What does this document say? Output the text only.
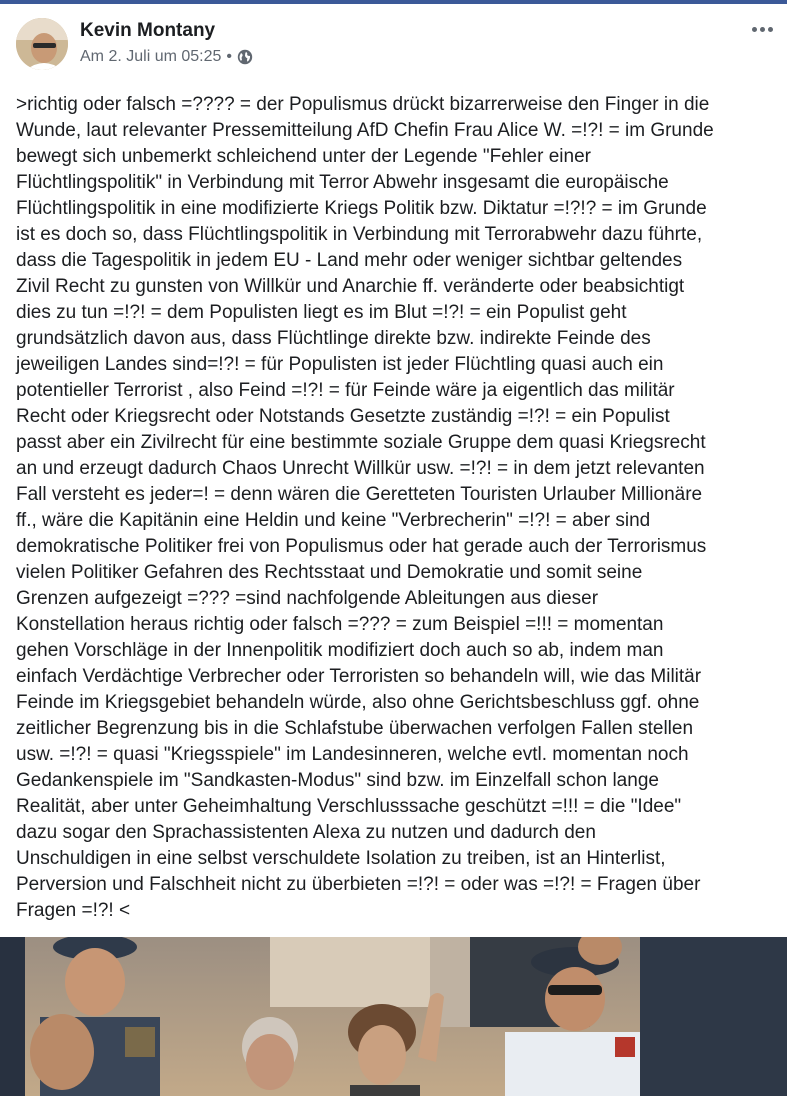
Kevin Montany
Am 2. Juli um 05:25 •

>richtig oder falsch =???? = der Populismus drückt bizarrerweise den Finger in die
Wunde, laut relevanter Pressemitteilung AfD Chefin Frau Alice W. =!?! = im Grunde
bewegt sich unbemerkt schleichend unter der Legende "Fehler einer
Flüchtlingspolitik" in Verbindung mit Terror Abwehr insgesamt die europäische
Flüchtlingspolitik in eine modifizierte Kriegs Politik bzw. Diktatur =!?!? = im Grunde
ist es doch so, dass Flüchtlingspolitik in Verbindung mit Terrorabwehr dazu führte,
dass die Tagespolitik in jedem EU - Land mehr oder weniger sichtbar geltendes
Zivil Recht zu gunsten von Willkür und Anarchie ff. veränderte oder beabsichtigt
dies zu tun =!?! = dem Populisten liegt es im Blut =!?! = ein Populist geht
grundsätzlich davon aus, dass Flüchtlinge direkte bzw. indirekte Feinde des
jeweiligen Landes sind=!?! = für Populisten ist jeder Flüchtling quasi auch ein
potentieller Terrorist , also Feind =!?! = für Feinde wäre ja eigentlich das militär
Recht oder Kriegsrecht oder Notstands Gesetzte zuständig =!?! = ein Populist
passt aber ein Zivilrecht für eine bestimmte soziale Gruppe dem quasi Kriegsrecht
an und erzeugt dadurch Chaos Unrecht Willkür usw. =!?! = in dem jetzt relevanten
Fall versteht es jeder=! = denn wären die Geretteten Touristen Urlauber Millionäre
ff., wäre die Kapitänin eine Heldin und keine "Verbrecherin" =!?! = aber sind
demokratische Politiker frei von Populismus oder hat gerade auch der Terrorismus
vielen Politiker Gefahren des Rechtsstaat und Demokratie und somit seine
Grenzen aufgezeigt =??? =sind nachfolgende Ableitungen aus dieser
Konstellation heraus richtig oder falsch =??? = zum Beispiel =!!! = momentan
gehen Vorschläge in der Innenpolitik modifiziert doch auch so ab, indem man
einfach Verdächtige Verbrecher oder Terroristen so behandeln will, wie das Militär
Feinde im Kriegsgebiet behandeln würde, also ohne Gerichtsbeschluss ggf. ohne
zeitlicher Begrenzung bis in die Schlafstube überwachen verfolgen Fallen stellen
usw. =!?! = quasi "Kriegsspiele" im Landesinneren, welche evtl. momentan noch
Gedankenspiele im "Sandkasten-Modus" sind bzw. im Einzelfall schon lange
Realität, aber unter Geheimhaltung Verschlusssache geschützt =!!! = die "Idee"
dazu sogar den Sprachassistenten Alexa zu nutzen und dadurch den
Unschuldigen in eine selbst verschuldete Isolation zu treiben, ist an Hinterlist,
Perversion und Falschheit nicht zu überbieten =!?! = oder was =!?! = Fragen über
Fragen =!?! <
